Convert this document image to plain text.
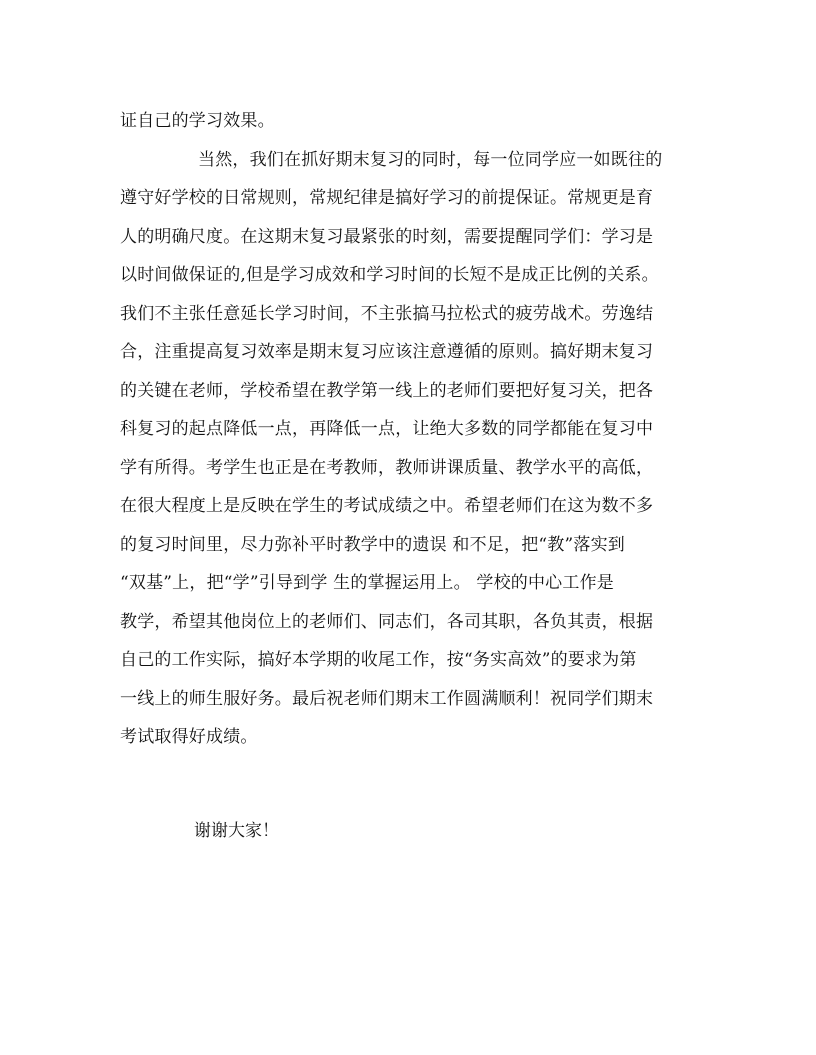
证自己的学习效果。
当然，我们在抓好期末复习的同时，每一位同学应一如既往的
遵守好学校的日常规则，常规纪律是搞好学习的前提保证。常规更是育
人的明确尺度。在这期末复习最紧张的时刻，需要提醒同学们：学习是
以时间做保证的,但是学习成效和学习时间的长短不是成正比例的关系。
我们不主张任意延长学习时间，不主张搞马拉松式的疲劳战术。劳逸结
合，注重提高复习效率是期末复习应该注意遵循的原则。搞好期末复习
的关键在老师，学校希望在教学第一线上的老师们要把好复习关，把各
科复习的起点降低一点，再降低一点，让绝大多数的同学都能在复习中
学有所得。考学生也正是在考教师，教师讲课质量、教学水平的高低，
在很大程度上是反映在学生的考试成绩之中。希望老师们在这为数不多
的复习时间里，尽力弥补平时教学中的遗误 和不足，把“教”落实到
“双基”上，把“学”引导到学 生的掌握运用上。 学校的中心工作是
教学，希望其他岗位上的老师们、同志们，各司其职，各负其责，根据
自己的工作实际，搞好本学期的收尾工作，按“务实高效”的要求为第
一线上的师生服好务。最后祝老师们期末工作圆满顺利！祝同学们期末
考试取得好成绩。
谢谢大家！
